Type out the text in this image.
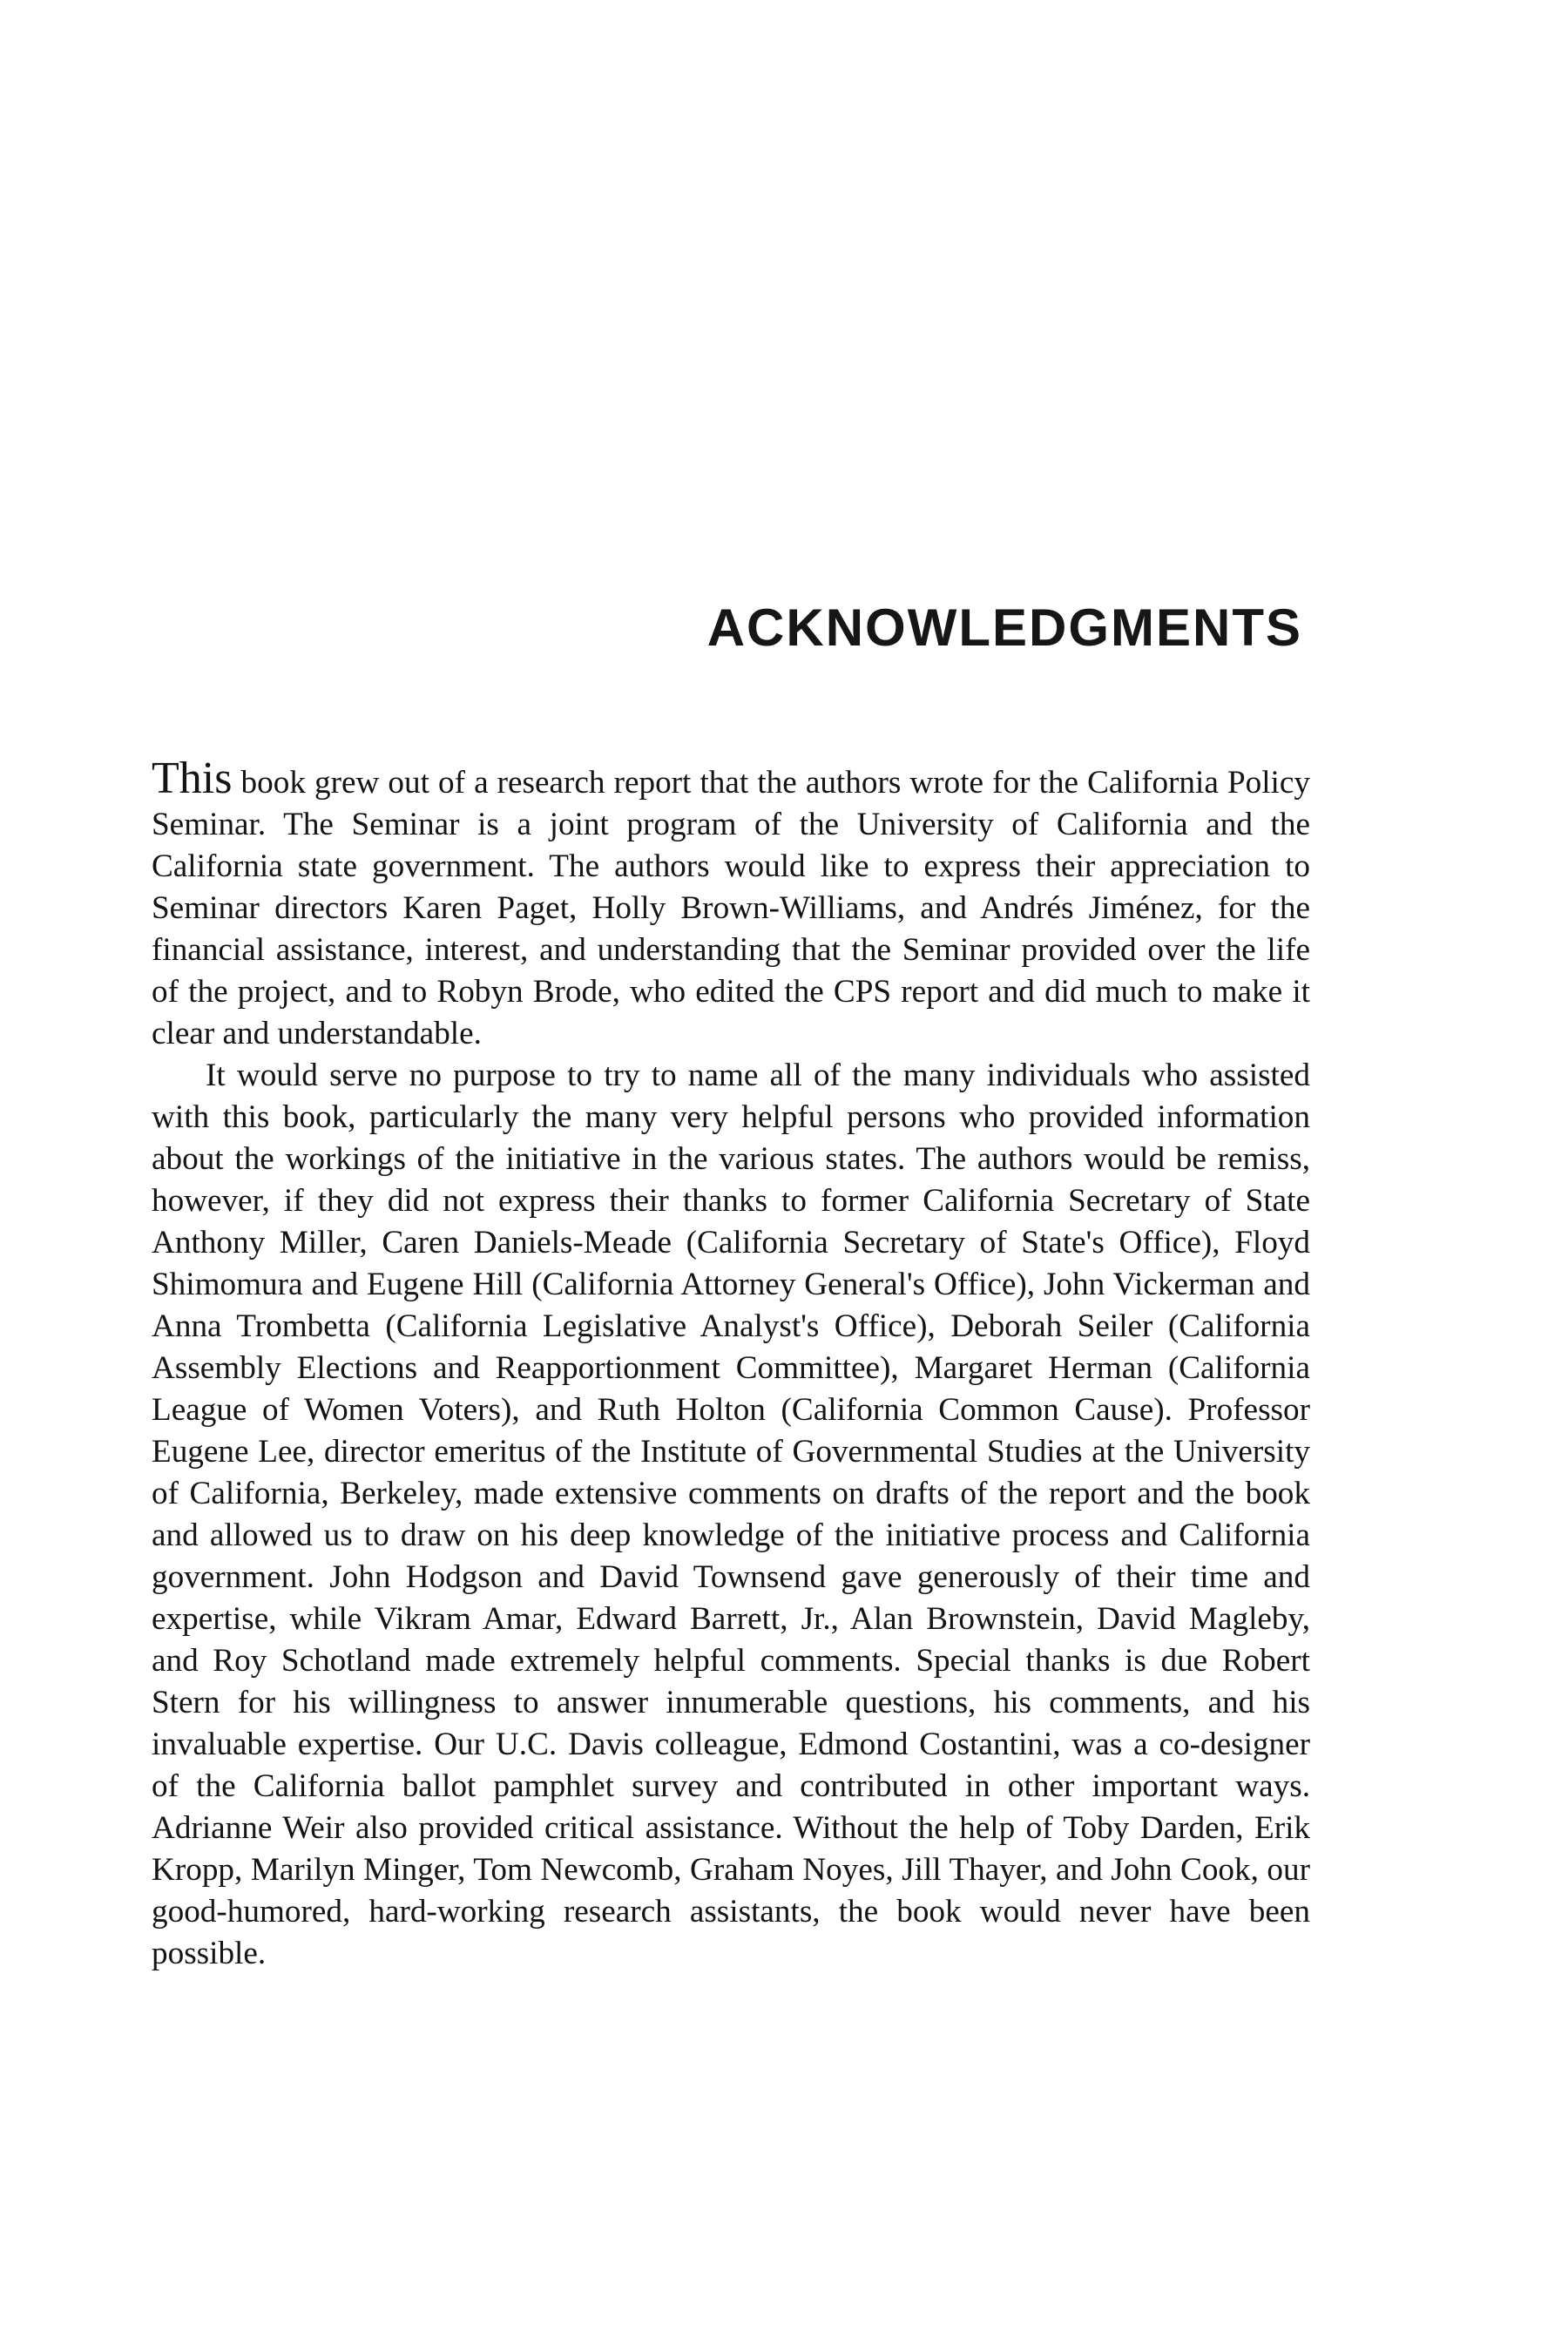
ACKNOWLEDGMENTS

This book grew out of a research report that the authors wrote for the California Policy Seminar. The Seminar is a joint program of the University of California and the California state government. The authors would like to express their appreciation to Seminar directors Karen Paget, Holly Brown-Williams, and Andrés Jiménez, for the financial assistance, interest, and understanding that the Seminar provided over the life of the project, and to Robyn Brode, who edited the CPS report and did much to make it clear and understandable.

It would serve no purpose to try to name all of the many individuals who assisted with this book, particularly the many very helpful persons who provided information about the workings of the initiative in the various states. The authors would be remiss, however, if they did not express their thanks to former California Secretary of State Anthony Miller, Caren Daniels-Meade (California Secretary of State's Office), Floyd Shimomura and Eugene Hill (California Attorney General's Office), John Vickerman and Anna Trombetta (California Legislative Analyst's Office), Deborah Seiler (California Assembly Elections and Reapportionment Committee), Margaret Herman (California League of Women Voters), and Ruth Holton (California Common Cause). Professor Eugene Lee, director emeritus of the Institute of Governmental Studies at the University of California, Berkeley, made extensive comments on drafts of the report and the book and allowed us to draw on his deep knowledge of the initiative process and California government. John Hodgson and David Townsend gave generously of their time and expertise, while Vikram Amar, Edward Barrett, Jr., Alan Brownstein, David Magleby, and Roy Schotland made extremely helpful comments. Special thanks is due Robert Stern for his willingness to answer innumerable questions, his comments, and his invaluable expertise. Our U.C. Davis colleague, Edmond Costantini, was a co-designer of the California ballot pamphlet survey and contributed in other important ways. Adrianne Weir also provided critical assistance. Without the help of Toby Darden, Erik Kropp, Marilyn Minger, Tom Newcomb, Graham Noyes, Jill Thayer, and John Cook, our good-humored, hard-working research assistants, the book would never have been possible.
